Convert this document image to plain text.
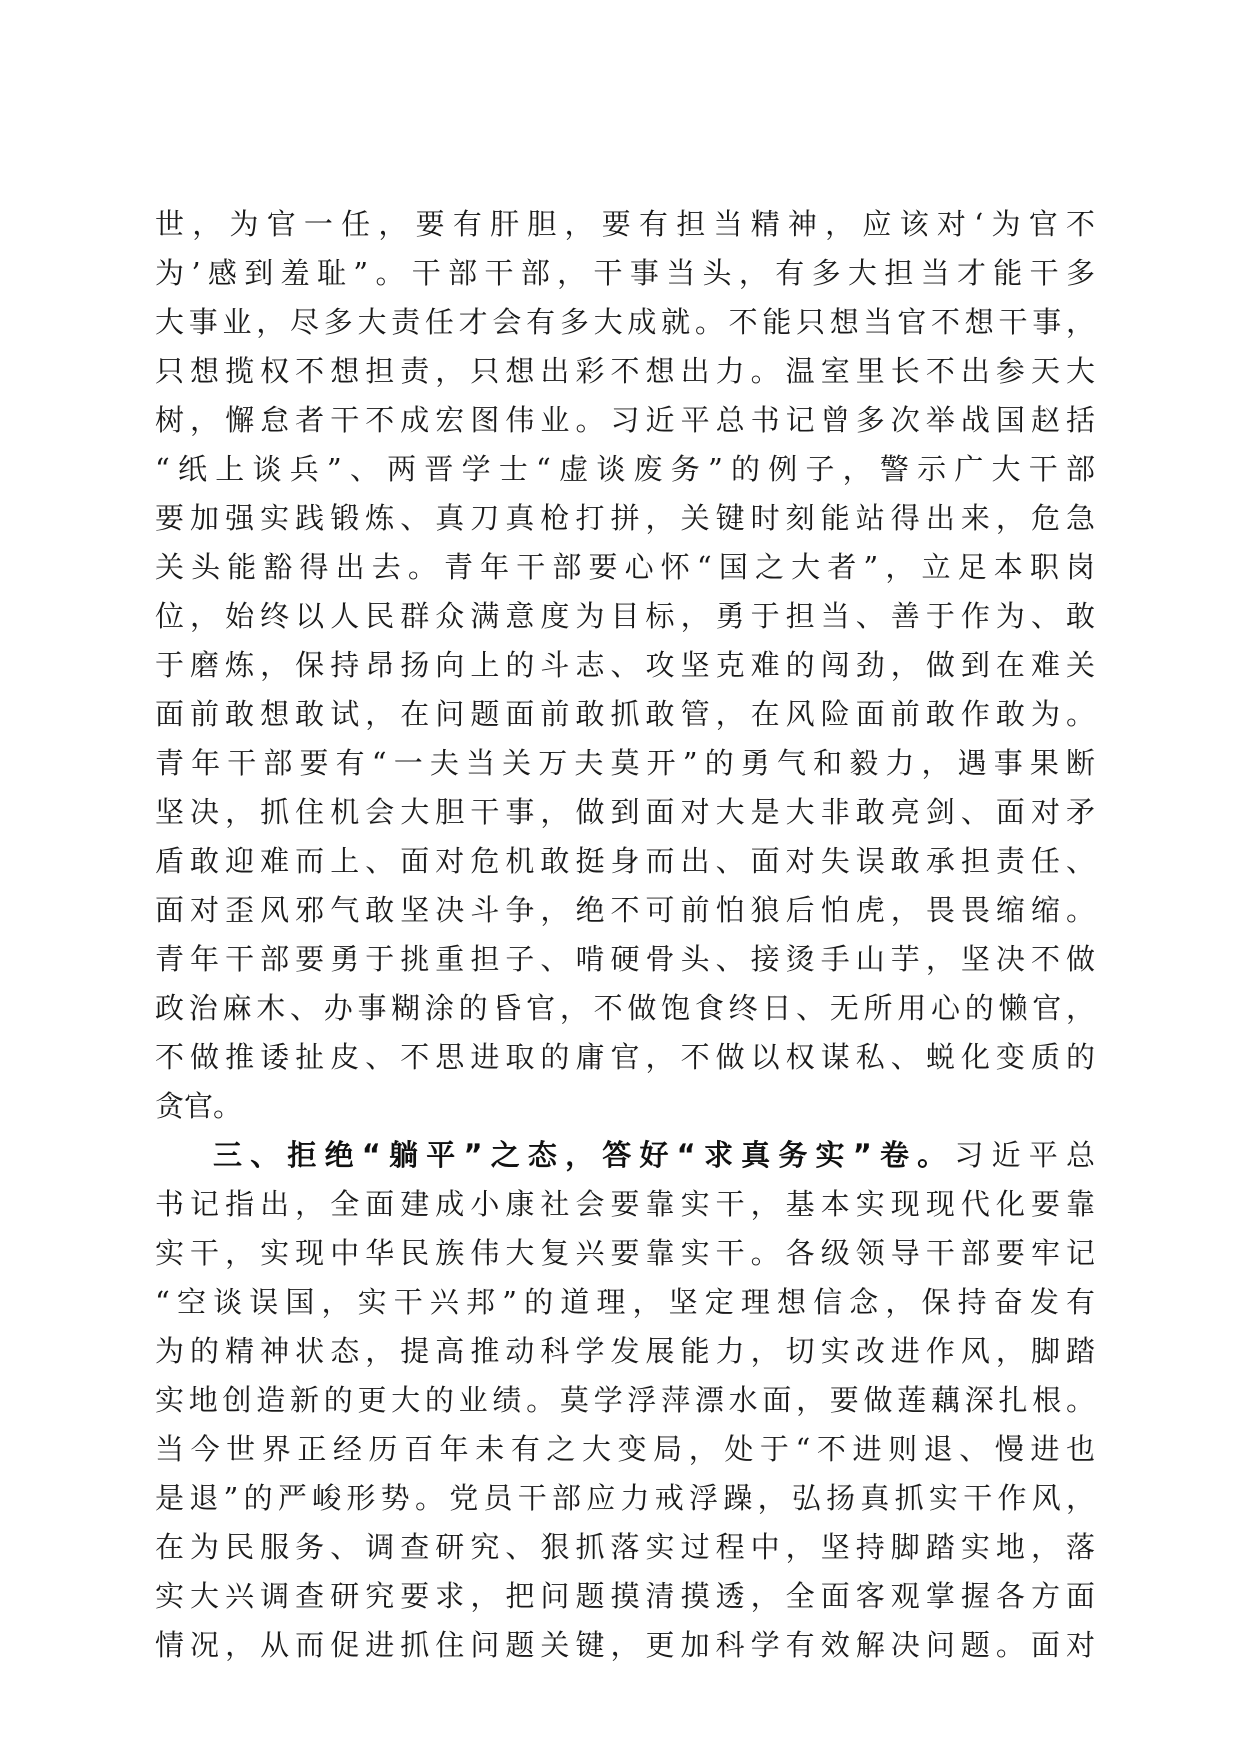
世，为官一任，要有肝胆，要有担当精神，应该对‘为官不
为’感到羞耻”。干部干部，干事当头，有多大担当才能干多
大事业，尽多大责任才会有多大成就。不能只想当官不想干事，
只想揽权不想担责，只想出彩不想出力。温室里长不出参天大
树，懈怠者干不成宏图伟业。习近平总书记曾多次举战国赵括
“纸上谈兵”、两晋学士“虚谈废务”的例子，警示广大干部
要加强实践锻炼、真刀真枪打拼，关键时刻能站得出来，危急
关头能豁得出去。青年干部要心怀“国之大者”，立足本职岗
位，始终以人民群众满意度为目标，勇于担当、善于作为、敢
于磨炼，保持昂扬向上的斗志、攻坚克难的闯劲，做到在难关
面前敢想敢试，在问题面前敢抓敢管，在风险面前敢作敢为。
青年干部要有“一夫当关万夫莫开”的勇气和毅力，遇事果断
坚决，抓住机会大胆干事，做到面对大是大非敢亮剑、面对矛
盾敢迎难而上、面对危机敢挺身而出、面对失误敢承担责任、
面对歪风邪气敢坚决斗争，绝不可前怕狼后怕虎，畏畏缩缩。
青年干部要勇于挑重担子、啃硬骨头、接烫手山芋，坚决不做
政治麻木、办事糊涂的昏官，不做饱食终日、无所用心的懒官，
不做推诿扯皮、不思进取的庸官，不做以权谋私、蜕化变质的
贪官。
三、拒绝“躺平”之态，答好“求真务实”卷。习近平总
书记指出，全面建成小康社会要靠实干，基本实现现代化要靠
实干，实现中华民族伟大复兴要靠实干。各级领导干部要牢记
“空谈误国，实干兴邦”的道理，坚定理想信念，保持奋发有
为的精神状态，提高推动科学发展能力，切实改进作风，脚踏
实地创造新的更大的业绩。莫学浮萍漂水面，要做莲藕深扎根。
当今世界正经历百年未有之大变局，处于“不进则退、慢进也
是退”的严峻形势。党员干部应力戒浮躁，弘扬真抓实干作风，
在为民服务、调查研究、狠抓落实过程中，坚持脚踏实地，落
实大兴调查研究要求，把问题摸清摸透，全面客观掌握各方面
情况，从而促进抓住问题关键，更加科学有效解决问题。面对
